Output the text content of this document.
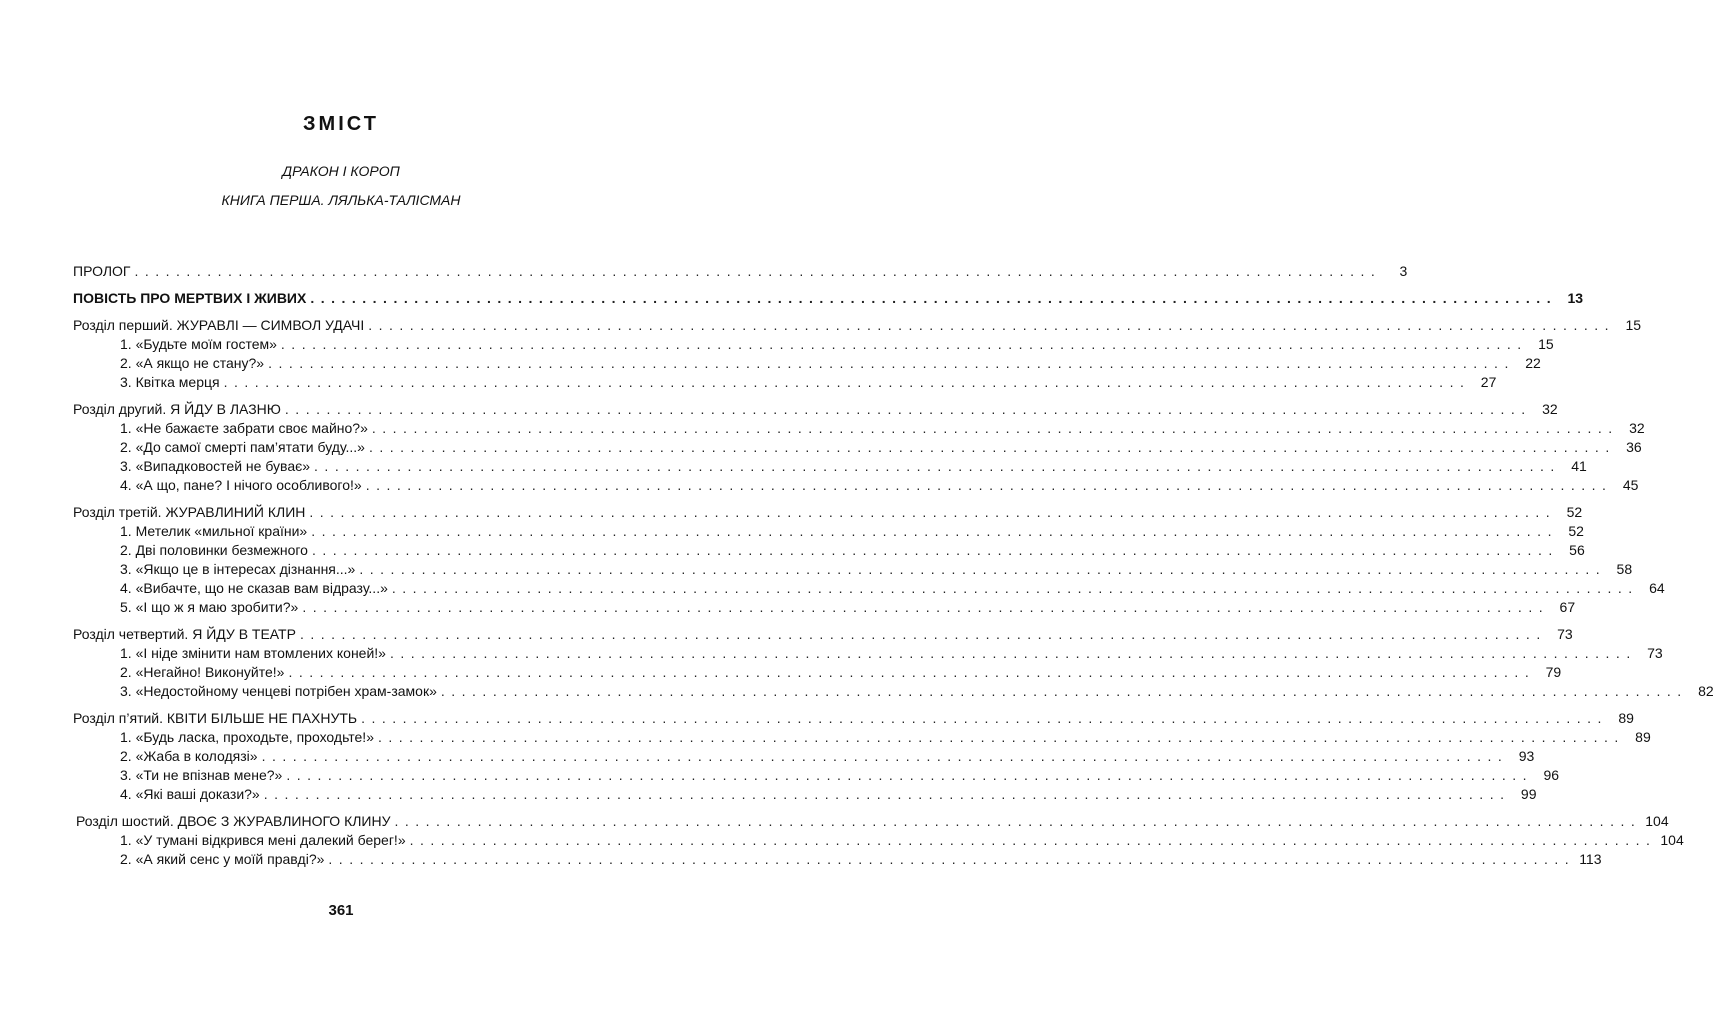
ЗМІСТ
ДРАКОН І КОРОП
КНИГА ПЕРША. ЛЯЛЬКА-ТАЛІСМАН
ПРОЛОГ ........................................................................................................................	3
ПОВІСТЬ ПРО МЕРТВИХ І ЖИВИХ ........................................................................................................................ 13
Розділ перший. ЖУРАВЛІ — СИМВОЛ УДАЧІ ........................................................................................................................ 15
1. «Будьте моїм гостем» ........................................................................................................................ 15
2. «А якщо не стану?» ........................................................................................................................ 22
3. Квітка мерця ........................................................................................................................ 27
Розділ другий. Я ЙДУ В ЛАЗНЮ ........................................................................................................................ 32
1. «Не бажаєте забрати своє майно?» ........................................................................................................................ 32
2. «До самої смерті пам’ятати буду...» ........................................................................................................................ 36
3. «Випадковостей не буває» ........................................................................................................................ 41
4. «А що, пане? І нічого особливого!» ........................................................................................................................ 45
Розділ третій. ЖУРАВЛИНИЙ КЛИН ........................................................................................................................ 52
1. Метелик «мильної країни» ........................................................................................................................ 52
2. Дві половинки безмежного ........................................................................................................................ 56
3. «Якщо це в інтересах дізнання...» ........................................................................................................................ 58
4. «Вибачте, що не сказав вам відразу...» ........................................................................................................................ 64
5. «І що ж я маю зробити?» ........................................................................................................................ 67
Розділ четвертий. Я ЙДУ В ТЕАТР ........................................................................................................................ 73
1. «І ніде змінити нам втомлених коней!» ........................................................................................................................ 73
2. «Негайно! Виконуйте!» ........................................................................................................................ 79
3. «Недостойному ченцеві потрібен храм-замок» ........................................................................................................................ 82
Розділ п’ятий. КВІТИ БІЛЬШЕ НЕ ПАХНУТЬ ........................................................................................................................ 89
1. «Будь ласка, проходьте, проходьте!» ........................................................................................................................ 89
2. «Жаба в колодязі» ........................................................................................................................ 93
3. «Ти не впізнав мене?» ........................................................................................................................ 96
4. «Які ваші докази?» ........................................................................................................................ 99
Розділ шостий. ДВОЄ З ЖУРАВЛИНОГО КЛИНУ ........................................................................................................................ 104
1. «У тумані відкрився мені далекий берег!» ........................................................................................................................ 104
2. «А який сенс у моїй правді?» ........................................................................................................................ 113
361
